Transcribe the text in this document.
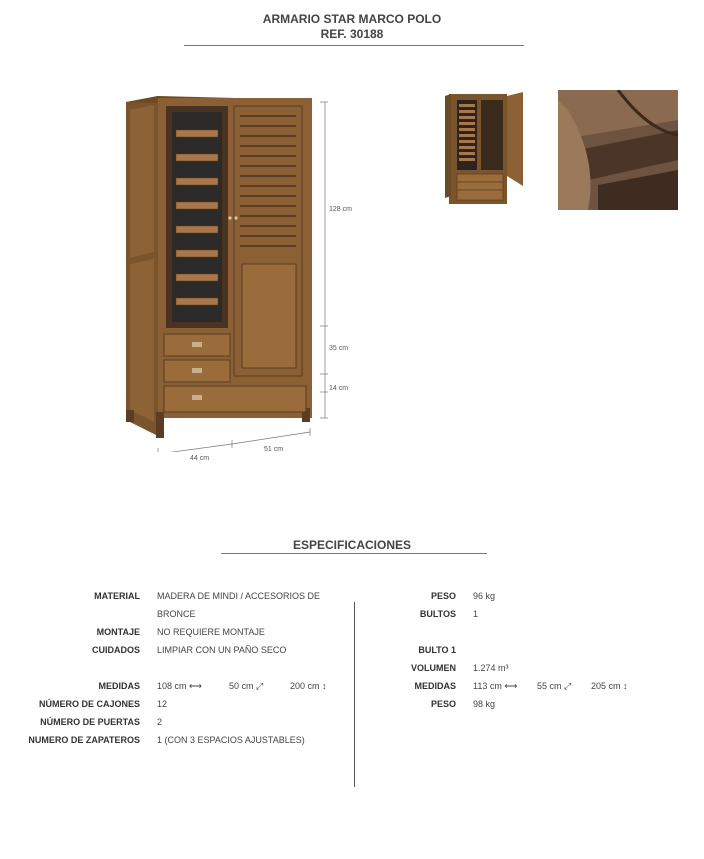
ARMARIO STAR MARCO POLO
REF. 30188
128 cm
35 cm
14 cm
44 cm
51 cm
ESPECIFICACIONES
MATERIAL MADERA DE MINDI / ACCESORIOS DE
BRONCE
MONTAJE NO REQUIERE MONTAJE
CUIDADOS LIMPIAR CON UN PAÑO SECO
MEDIDAS 108 cm ⟷	50 cm ⤢	200 cm ↕
NÚMERO DE CAJONES 12
NÚMERO DE PUERTAS 2
NUMERO DE ZAPATEROS 1 (CON 3 ESPACIOS AJUSTABLES)
PESO 96 kg
BULTOS 1
BULTO 1
VOLUMEN 1.274 m³
MEDIDAS 113 cm ⟷ 55 cm ⤢ 205 cm ↕
PESO 98 kg
